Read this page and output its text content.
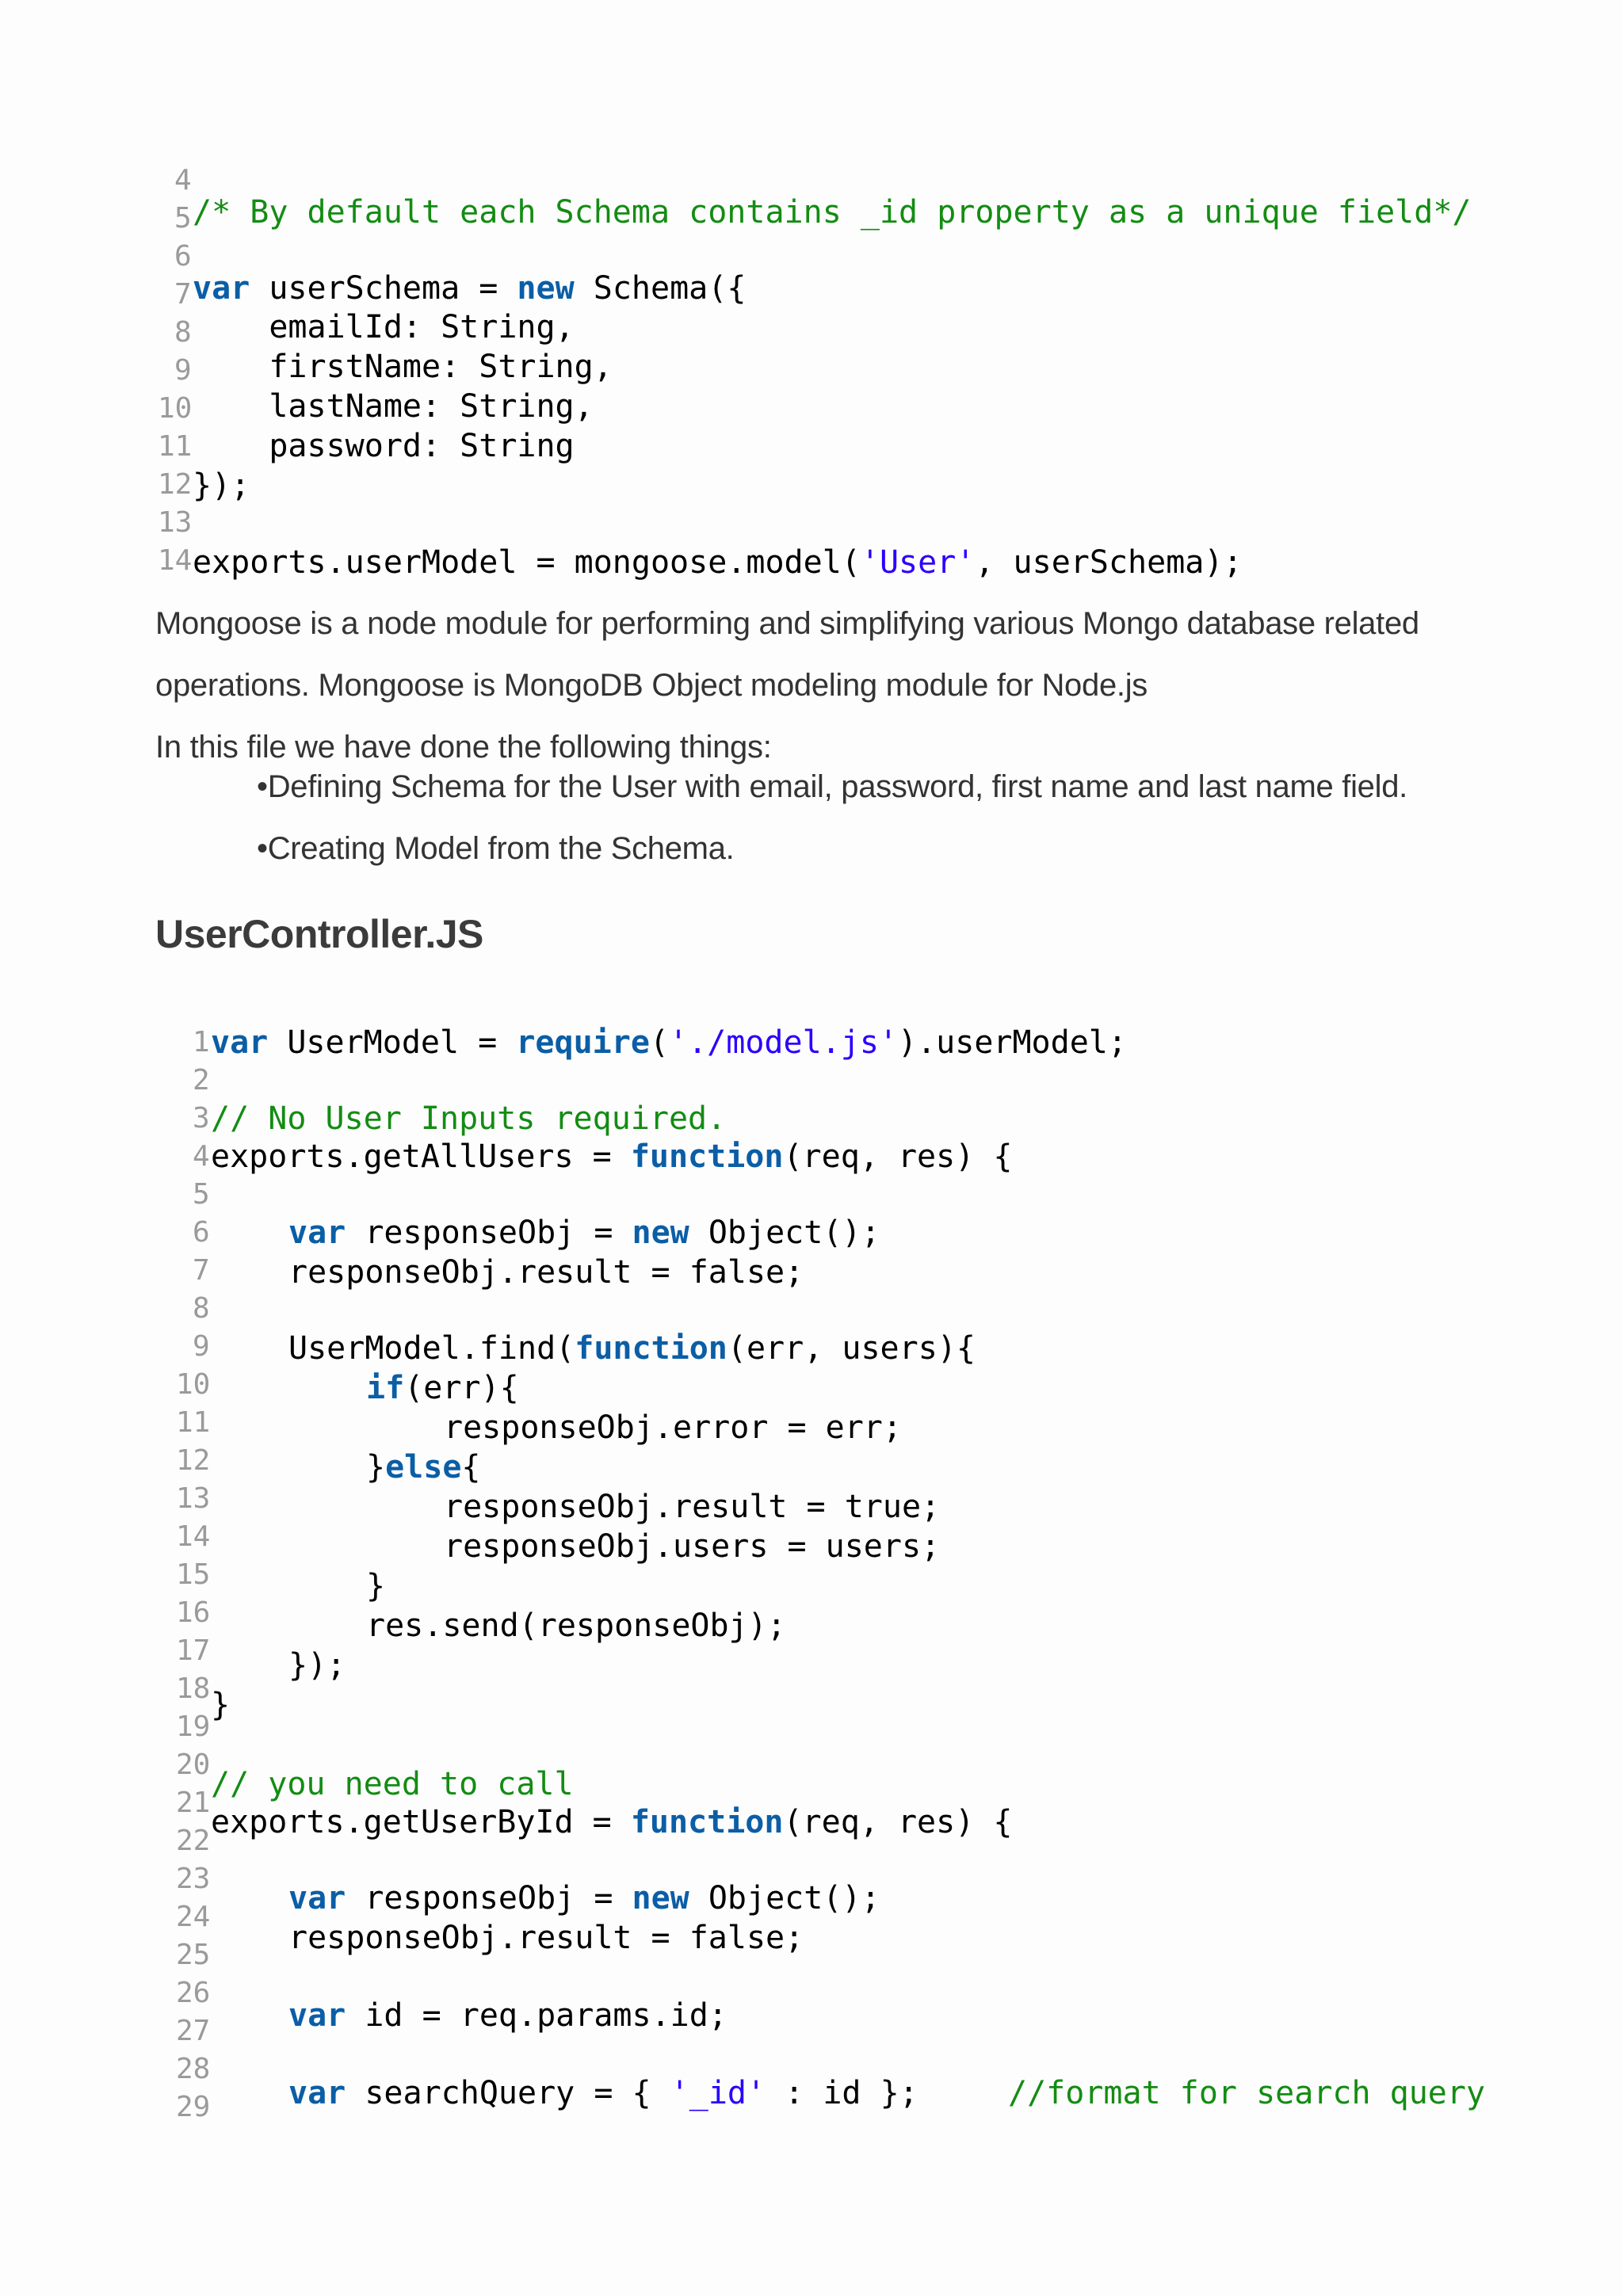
4
5
6
7
8
9
10
11
12
13
14
/* By default each Schema contains _id property as a unique field*/
var userSchema = new Schema({
emailId: String,
firstName: String,
lastName: String,
password: String
});
exports.userModel = mongoose.model('User', userSchema);
Mongoose is a node module for performing and simplifying various Mongo database related
operations. Mongoose is MongoDB Object modeling module for Node.js
In this file we have done the following things:
•Defining Schema for the User with email, password, first name and last name field.
•Creating Model from the Schema.
UserController.JS
1
2
3
4
5
6
7
8
9
10
11
12
13
14
15
16
17
18
19
20
21
22
23
24
25
26
27
28
29
var UserModel = require('./model.js').userModel;
// No User Inputs required.
exports.getAllUsers = function(req, res) {
var responseObj = new Object();
responseObj.result = false;
UserModel.find(function(err, users){
if(err){
responseObj.error = err;
}else{
responseObj.result = true;
responseObj.users = users;
}
res.send(responseObj);
});
}
// you need to call
exports.getUserById = function(req, res) {
var responseObj = new Object();
responseObj.result = false;
var id = req.params.id;
var searchQuery = { '_id' : id };	//format for search query
